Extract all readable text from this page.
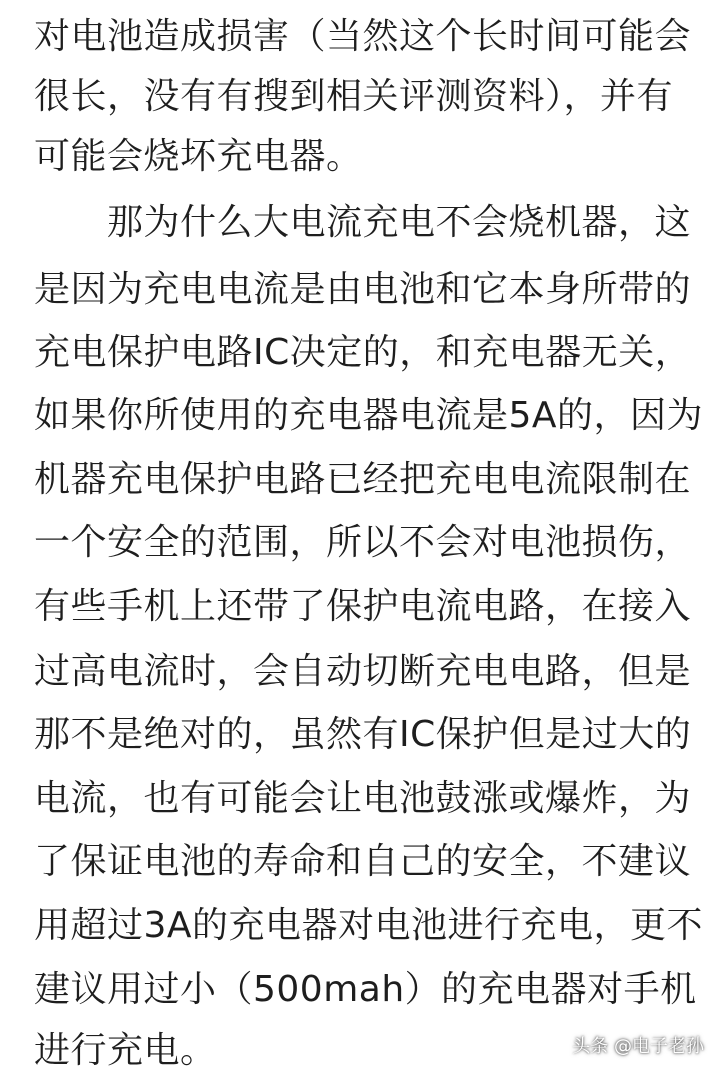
对电池造成损害（当然这个长时间可能会
很长，没有有搜到相关评测资料），并有
可能会烧坏充电器。
　　那为什么大电流充电不会烧机器，这
是因为充电电流是由电池和它本身所带的
充电保护电路IC决定的，和充电器无关，
如果你所使用的充电器电流是5A的，因为
机器充电保护电路已经把充电电流限制在
一个安全的范围，所以不会对电池损伤，
有些手机上还带了保护电流电路，在接入
过高电流时，会自动切断充电电路，但是
那不是绝对的，虽然有IC保护但是过大的
电流，也有可能会让电池鼓涨或爆炸，为
了保证电池的寿命和自己的安全，不建议
用超过3A的充电器对电池进行充电，更不
建议用过小（500mah）的充电器对手机
进行充电。	头条 @电子老孙
